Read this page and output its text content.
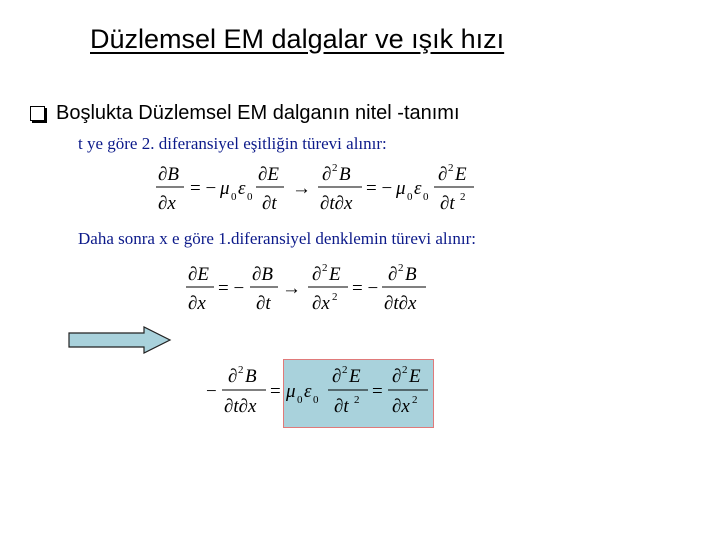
Düzlemsel EM dalgalar ve ışık hızı
Boşlukta Düzlemsel EM dalganın nitel -tanımı
t ye göre 2. diferansiyel eşitliğin türevi alınır:
∂B
∂x
= − μ 0 ε 0
∂E
∂t
→
∂ 2 B
∂t∂x
= − μ 0 ε 0
∂ 2 E
∂t 2
Daha sonra x e göre 1.diferansiyel denklemin türevi alınır:
∂E
∂x
= −
∂B
∂t
→
∂ 2 E
∂x 2 = −
∂ 2 B
∂t∂x
−
∂ 2 B
∂t∂x
= μ 0 ε 0
∂ 2 E
∂t 2 =
∂ 2 E
∂x 2
